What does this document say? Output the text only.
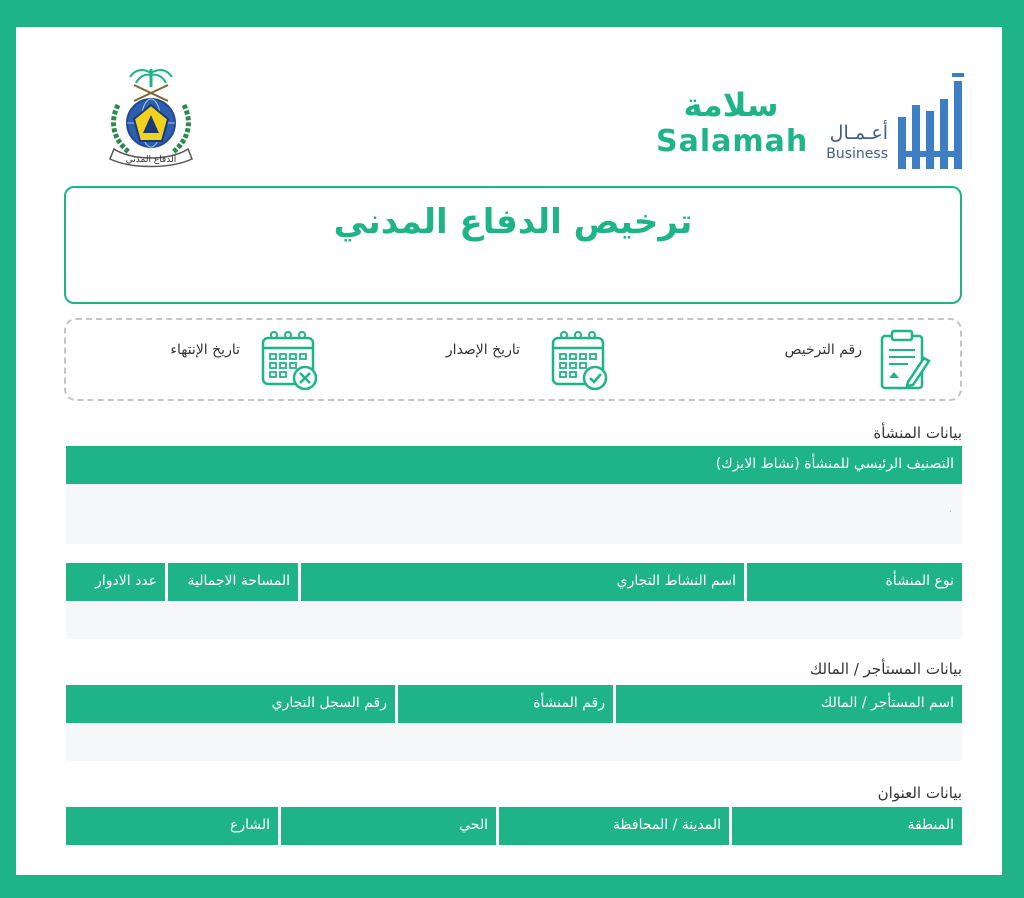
الدفاع المدني
سلامة
Salamah	أعـمـال
Business
ترخيص الدفاع المدني
رقم الترخيص
تاريخ الإصدار
تاريخ الإنتهاء
بيانات المنشأة
التصنيف الرئيسي للمنشأة (نشاط الايزك)
.
نوع المنشأة
اسم النشاط التجاري
المساحة الاجمالية
عدد الادوار
بيانات المستأجر / المالك
اسم المستأجر / المالك
رقم المنشأة
رقم السجل التجاري
بيانات العنوان
المنطقة
المدينة / المحافظة
الحي
الشارع
